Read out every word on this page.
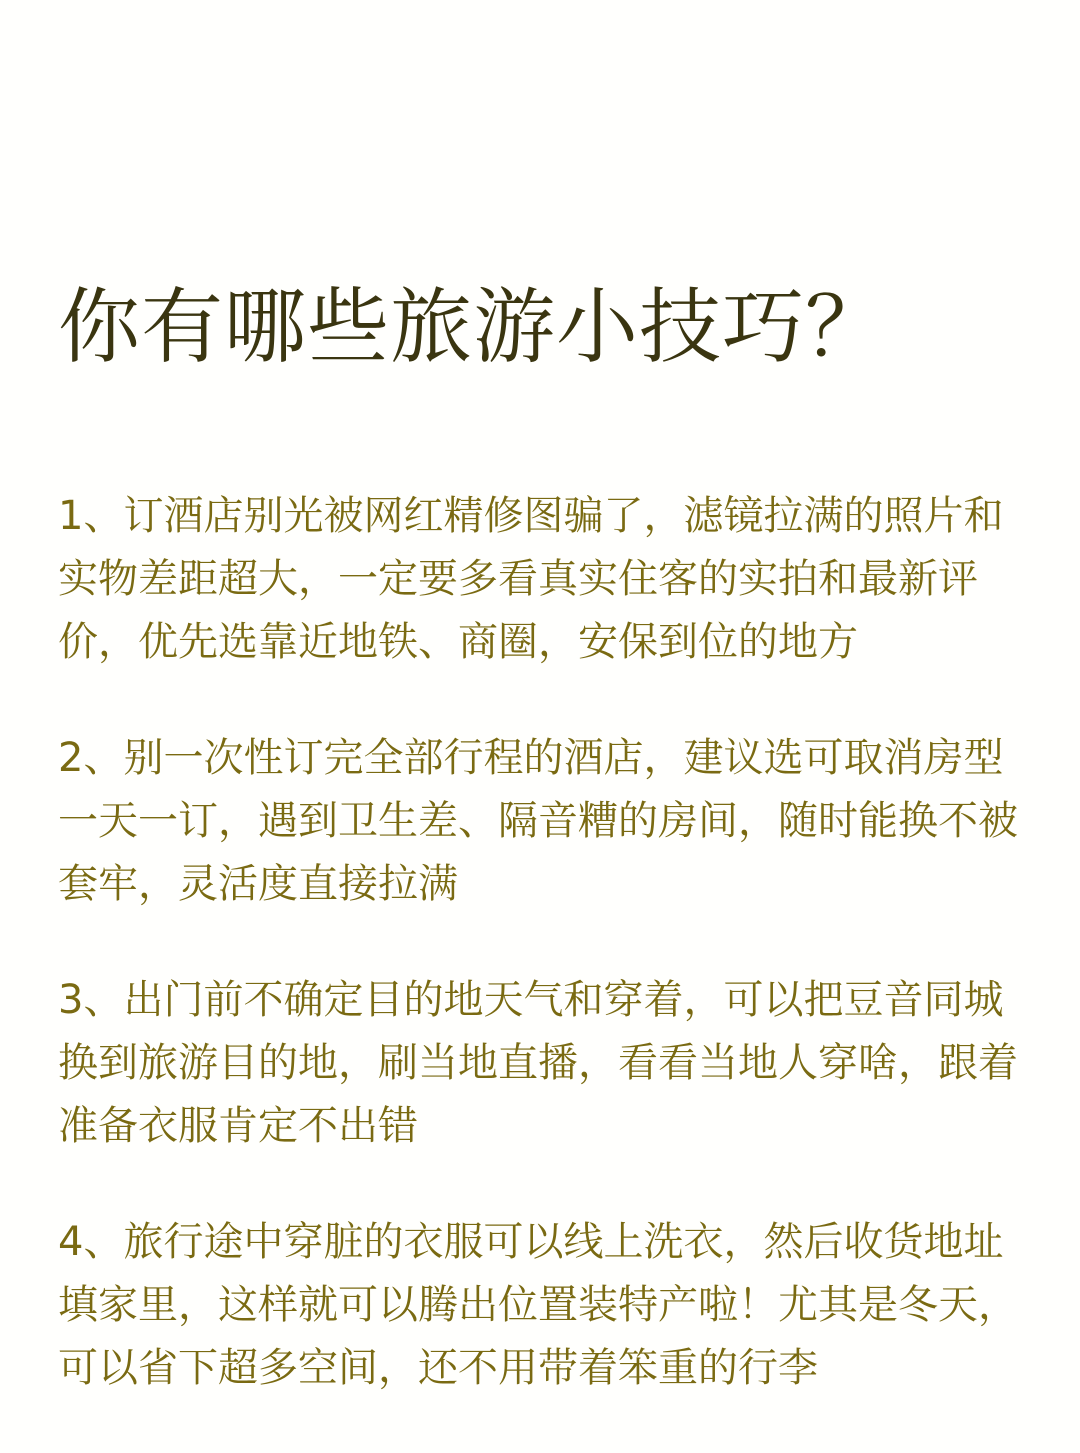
你有哪些旅游小技巧？

1、订酒店别光被网红精修图骗了，滤镜拉满的照片和实物差距超大，一定要多看真实住客的实拍和最新评价，优先选靠近地铁、商圈，安保到位的地方

2、别一次性订完全部行程的酒店，建议选可取消房型一天一订，遇到卫生差、隔音糟的房间，随时能换不被套牢，灵活度直接拉满

3、出门前不确定目的地天气和穿着，可以把豆音同城换到旅游目的地，刷当地直播，看看当地人穿啥，跟着准备衣服肯定不出错

4、旅行途中穿脏的衣服可以线上洗衣，然后收货地址填家里，这样就可以腾出位置装特产啦！尤其是冬天，可以省下超多空间，还不用带着笨重的行李
